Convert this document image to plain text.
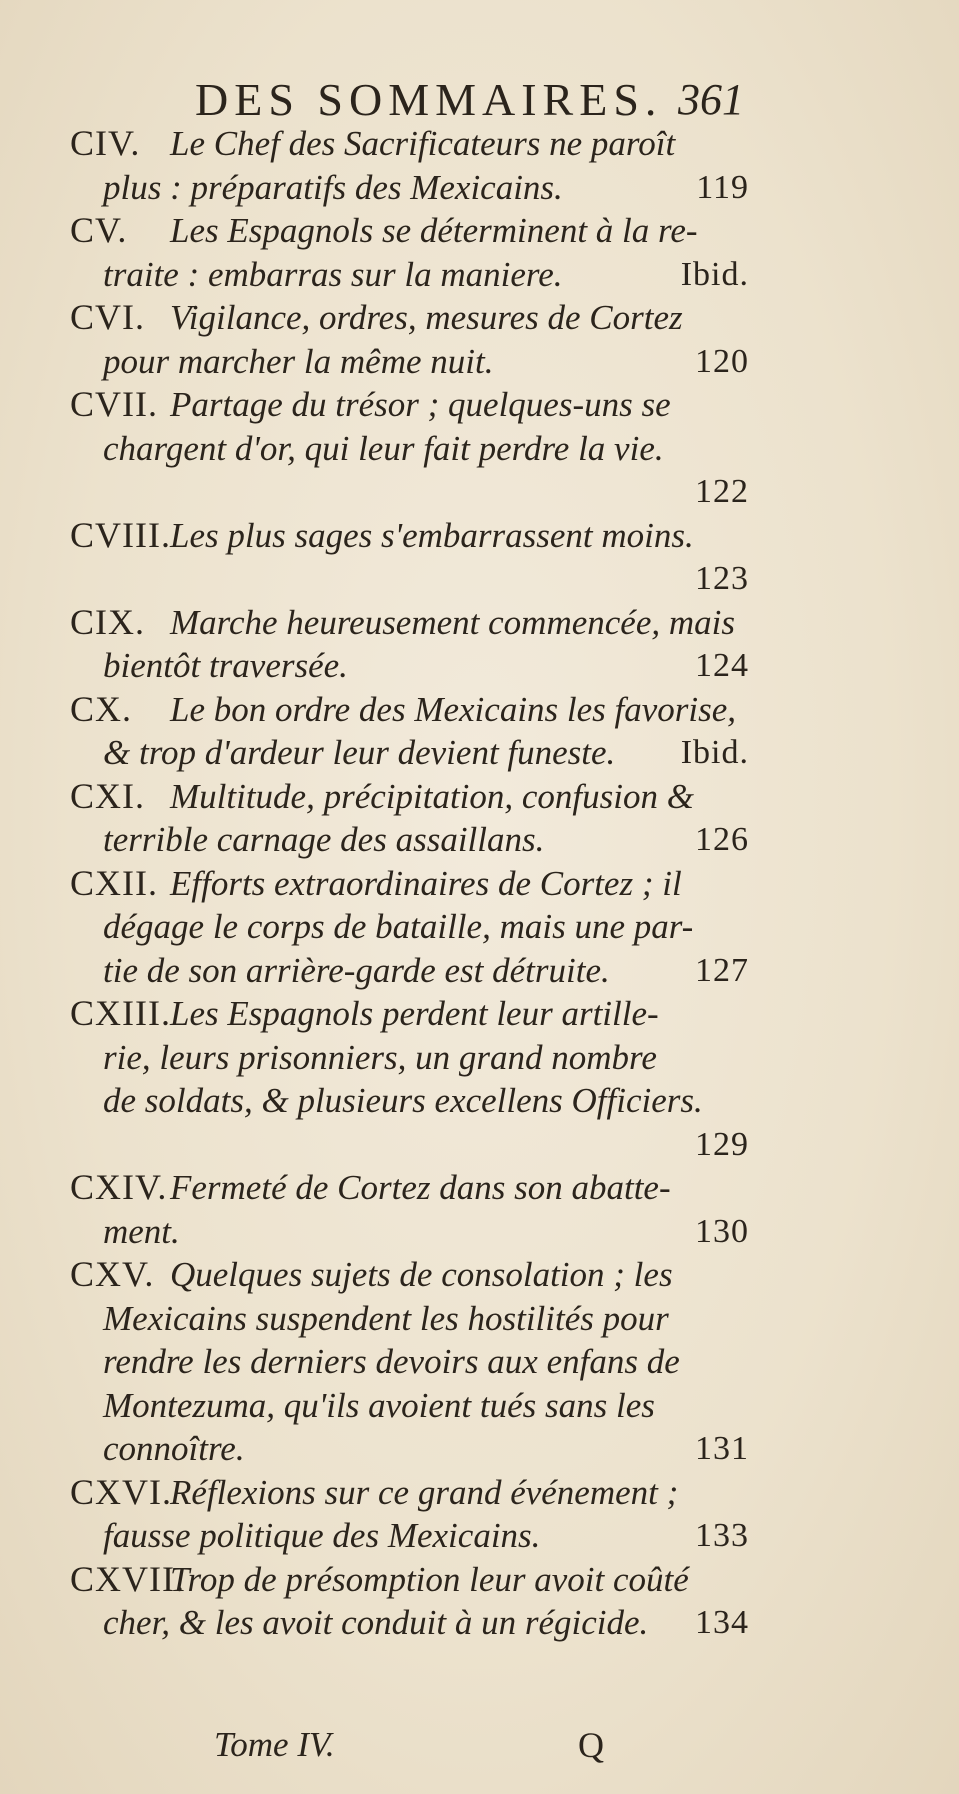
DES SOMMAIRES. 361
CIV. Le Chef des Sacrificateurs ne paroît
plus : préparatifs des Mexicains.	119
CV. Les Espagnols se déterminent à la re-
traite : embarras sur la maniere.	Ibid.
CVI. Vigilance, ordres, mesures de Cortez
pour marcher la même nuit.	120
CVII. Partage du trésor ; quelques-uns se
chargent d'or, qui leur fait perdre la vie.
122
CVIII. Les plus sages s'embarrassent moins.
123
CIX. Marche heureusement commencée, mais
bientôt traversée.	124
CX. Le bon ordre des Mexicains les favorise,
& trop d'ardeur leur devient funeste. Ibid.
CXI. Multitude, précipitation, confusion &
terrible carnage des assaillans.	126
CXII. Efforts extraordinaires de Cortez ; il
dégage le corps de bataille, mais une par-
tie de son arrière-garde est détruite.	127
CXIII. Les Espagnols perdent leur artille-
rie, leurs prisonniers, un grand nombre
de soldats, & plusieurs excellens Officiers.
129
CXIV. Fermeté de Cortez dans son abatte-
ment.	130
CXV. Quelques sujets de consolation ; les
Mexicains suspendent les hostilités pour
rendre les derniers devoirs aux enfans de
Montezuma, qu'ils avoient tués sans les
connoître.	131
CXVI.
Réflexions sur ce grand événement ;
fausse politique des Mexicains.	133
CXVII.
Trop de présomption leur avoit coûté
cher, & les avoit conduit à un régicide. 134
Tome IV.	Q
